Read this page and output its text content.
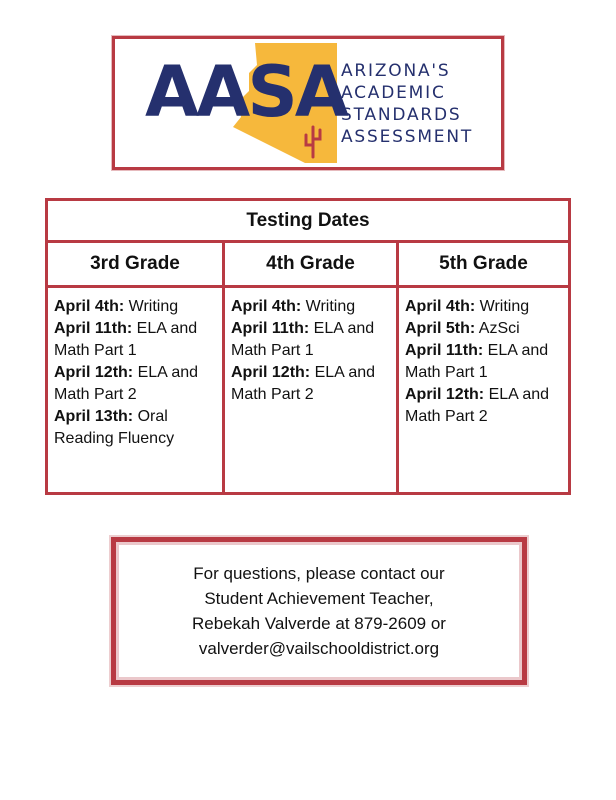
AASA
ARIZONA'S
ACADEMIC
STANDARDS
ASSESSMENT
Testing Dates
3rd Grade
April 4th: Writing
April 11th: ELA and Math Part 1
April 12th: ELA and Math Part 2
April 13th: Oral Reading Fluency
4th Grade
April 4th: Writing
April 11th: ELA and Math Part 1
April 12th: ELA and Math Part 2
5th Grade
April 4th: Writing
April 5th: AzSci
April 11th: ELA and Math Part 1
April 12th: ELA and Math Part 2
For questions, please contact our
Student Achievement Teacher,
Rebekah Valverde at 879-2609 or
valverder@vailschooldistrict.org
